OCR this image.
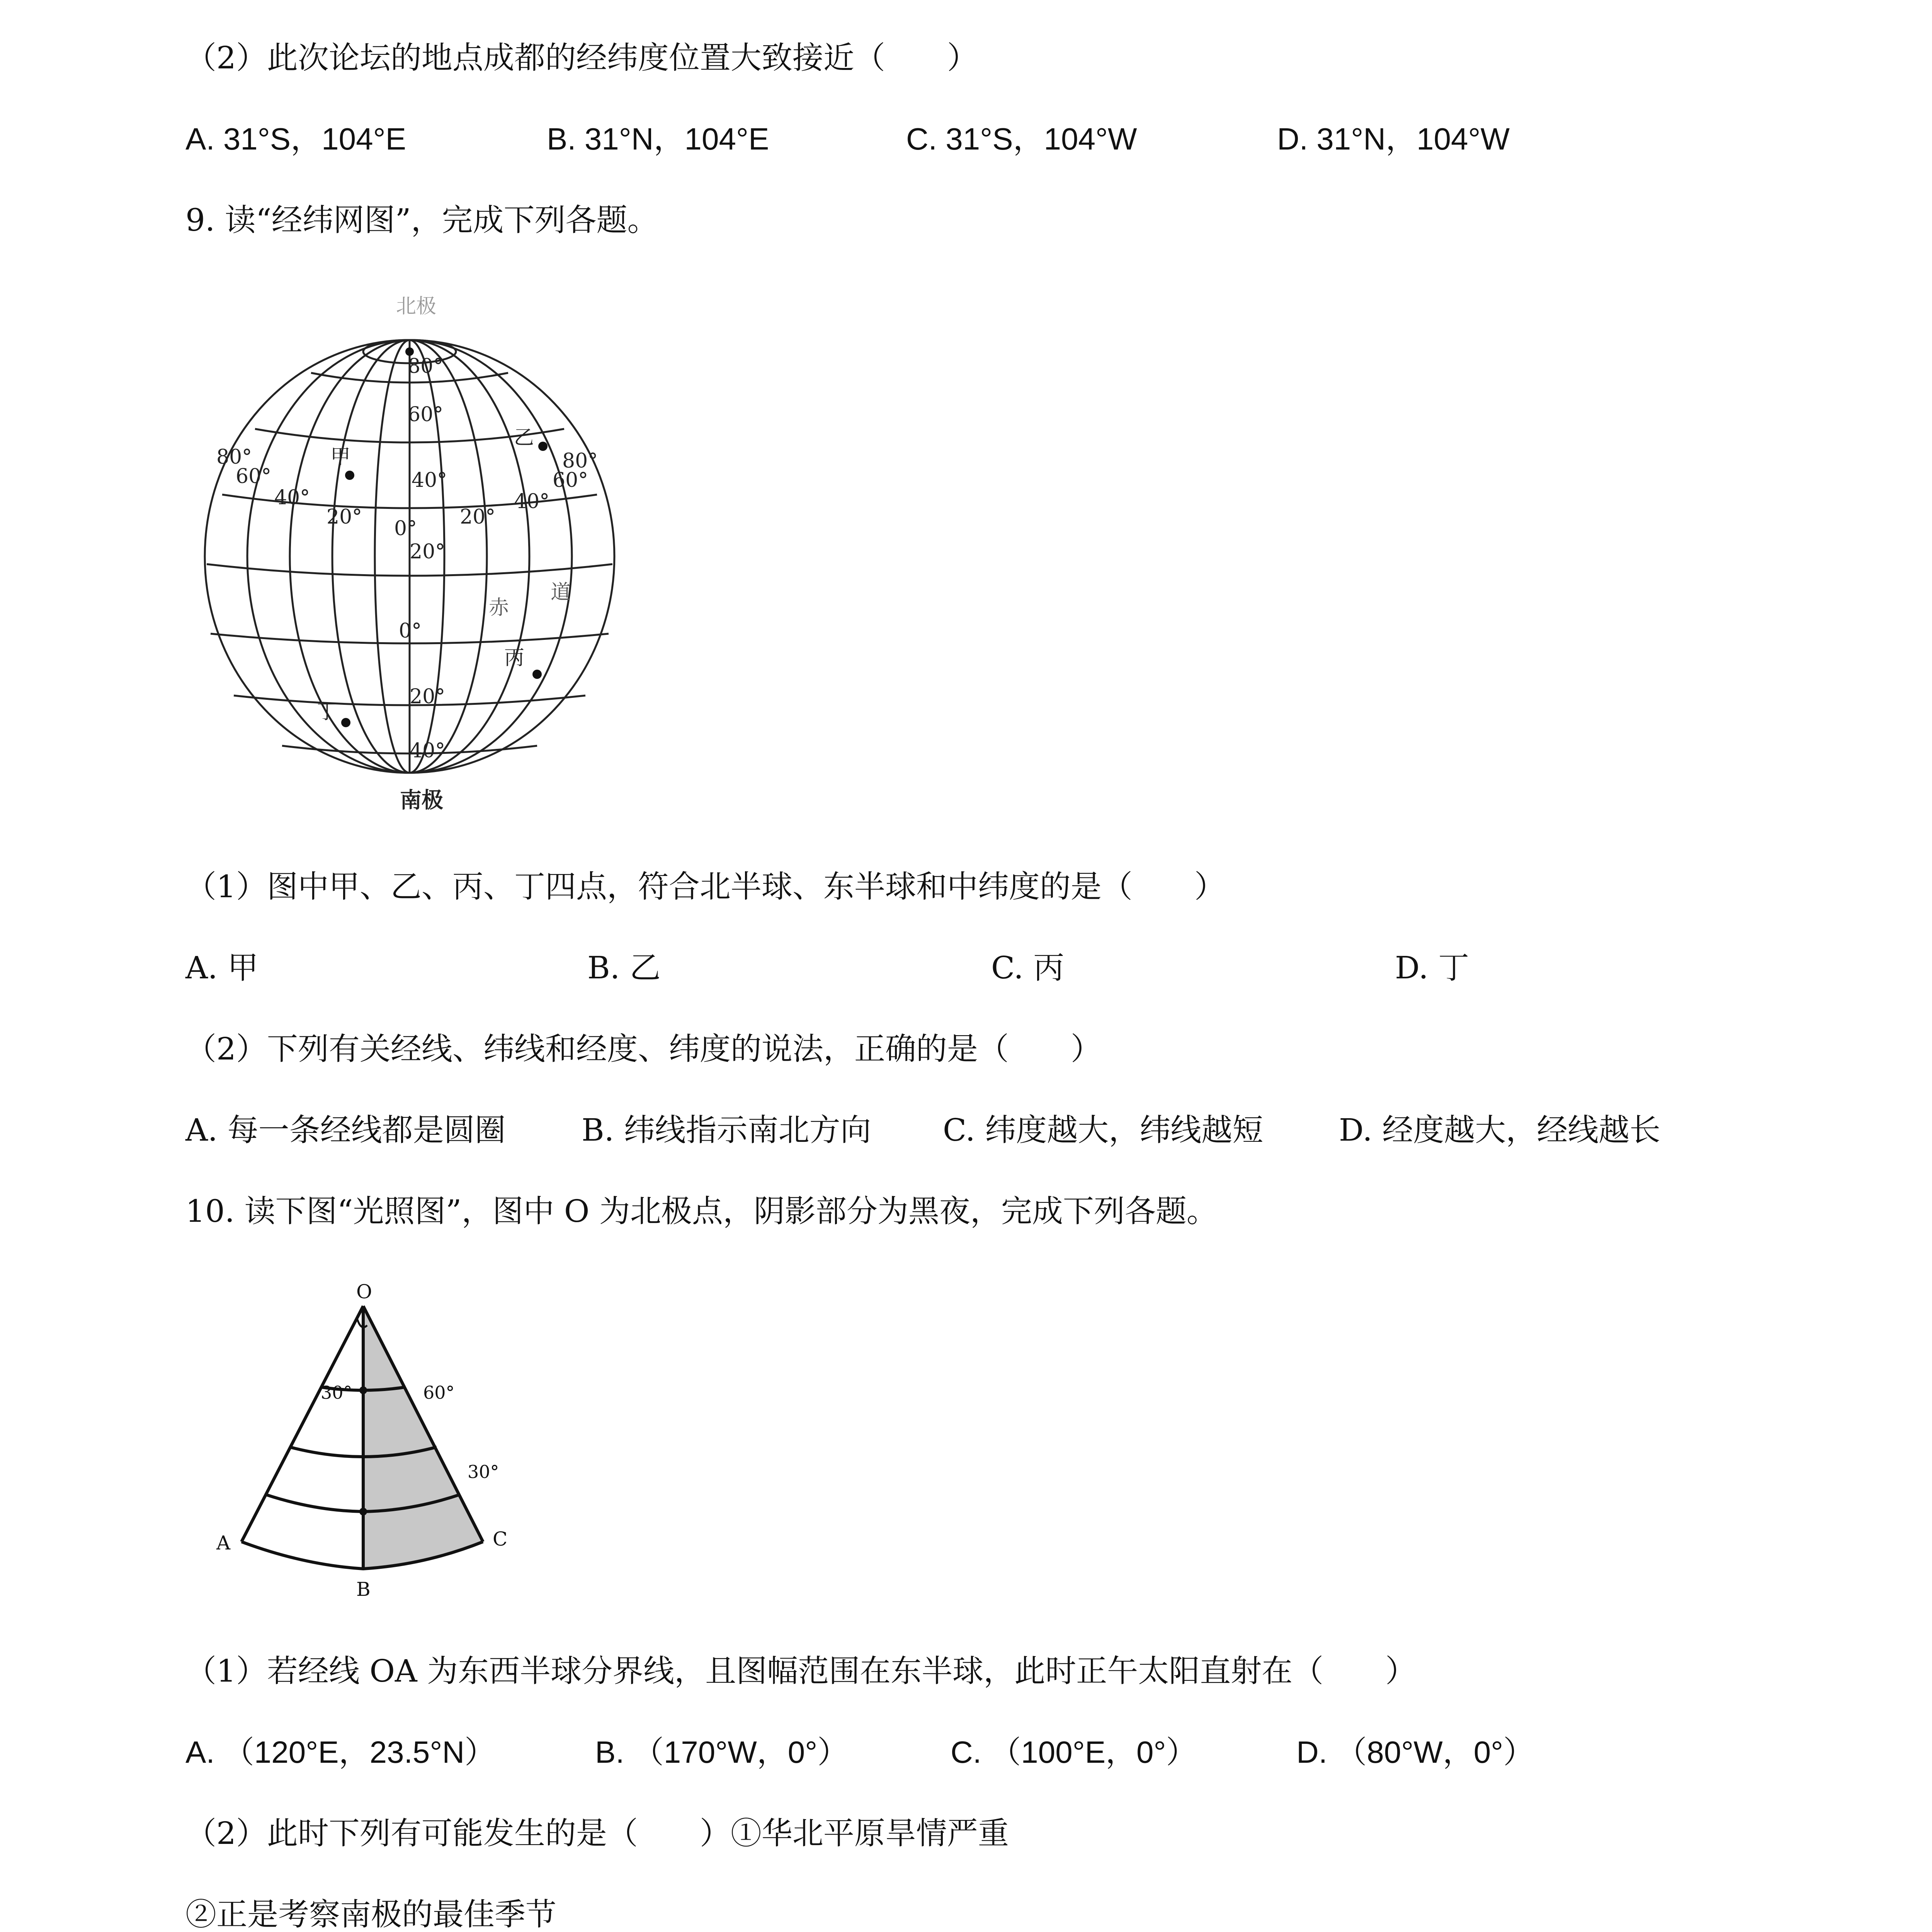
（2）此次论坛的地点成都的经纬度位置大致接近（　　）
A. 31°S，104°E	B. 31°N，104°E	C. 31°S，104°W	D. 31°N，104°W
9. 读“经纬网图”，完成下列各题。
北极
南极
80°
60°
40°
20°
0°
20°
40°
80°
60°
40°
20° 0° 20°
40°
60°
80°
赤
道
甲
乙
丙
丁
（1）图中甲、乙、丙、丁四点，符合北半球、东半球和中纬度的是（　　）
A. 甲	B. 乙	C. 丙	D. 丁
（2）下列有关经线、纬线和经度、纬度的说法，正确的是（　　）
A. 每一条经线都是圆圈 B. 纬线指示南北方向 C. 纬度越大，纬线越短 D. 经度越大，经线越长
10. 读下图“光照图”，图中 O 为北极点，阴影部分为黑夜，完成下列各题。
O
A
B
C
30°	60°
30°
（1）若经线 OA 为东西半球分界线，且图幅范围在东半球，此时正午太阳直射在（　　）
A. （120°E，23.5°N）	B. （170°W，0°）	C. （100°E，0°）	D. （80°W，0°）
（2）此时下列有可能发生的是（　　）①华北平原旱情严重
②正是考察南极的最佳季节
